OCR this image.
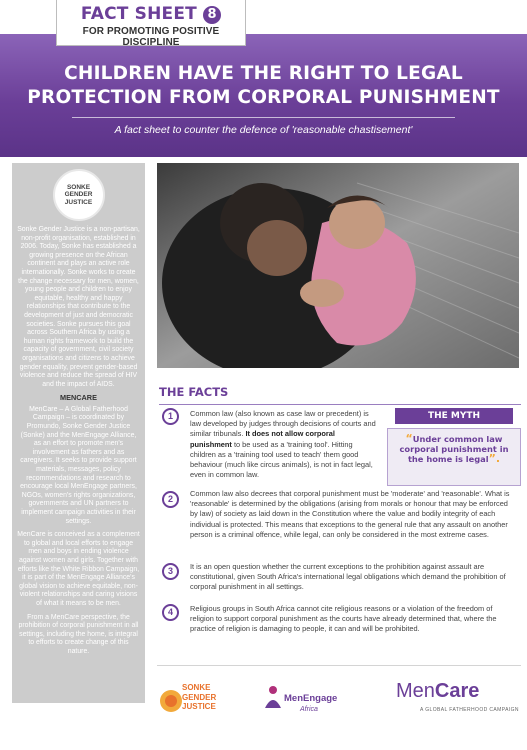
CHILDREN HAVE THE RIGHT TO LEGAL
PROTECTION FROM CORPORAL PUNISHMENT
A fact sheet to counter the defence of 'reasonable chastisement'
FACT SHEET 8
FOR PROMOTING POSITIVE DISCIPLINE
SONKE
GENDER
JUSTICE

Sonke Gender Justice is a non-partisan, non-profit organisation, established in 2006. Today, Sonke has established a growing presence on the African continent and plays an active role internationally. Sonke works to create the change necessary for men, women, young people and children to enjoy equitable, healthy and happy relationships that contribute to the development of just and democratic societies. Sonke pursues this goal across Southern Africa by using a human rights framework to build the capacity of government, civil society organisations and citizens to achieve gender equality, prevent gender-based violence and reduce the spread of HIV and the impact of AIDS.

MENCARE

MenCare – A Global Fatherhood Campaign – is coordinated by Promundo, Sonke Gender Justice (Sonke) and the MenEngage Alliance, as an effort to promote men's involvement as fathers and as caregivers. It seeks to provide support materials, messages, policy recommendations and research to encourage local MenEngage partners, NGOs, women's rights organizations, governments and UN partners to implement campaign activities in their settings.

MenCare is conceived as a complement to global and local efforts to engage men and boys in ending violence against women and girls. Together with efforts like the White Ribbon Campaign, it is part of the MenEngage Alliance's global vision to achieve equitable, non-violent relationships and caring visions of what it means to be men.

From a MenCare perspective, the prohibition of corporal punishment in all settings, including the home, is integral to efforts to create change of this nature.

THE FACTS
1	Common law (also known as case law or precedent) is law developed by judges through decisions of courts and similar tribunals. It does not allow corporal punishment to be used as a 'training tool'. Hitting children as a 'training tool used to teach' them good behaviour (much like circus animals), is not in fact legal, even in common law.
2
Common law also decrees that corporal punishment must be 'moderate' and 'reasonable'. What is 'reasonable' is determined by the obligations (arising from morals or honour that may be enforced by law) of society as laid down in the Constitution where the value and bodily integrity of each individual is protected. This means that exceptions to the general rule that any assault on another person is a criminal offence, while legal, can only be considered in the most extreme cases.
3	It is an open question whether the current exceptions to the prohibition against assault are constitutional, given South Africa's international legal obligations which demand the prohibition of corporal punishment in all settings.
4	Religious groups in South Africa cannot cite religious reasons or a violation of the freedom of religion to support corporal punishment as the courts have already determined that, where the practice of religion is damaging to people, it can and will be prohibited.
THE MYTH
“Under common law corporal punishment in the home is legal”.
SONKE
GENDER
JUSTICE
MenEngage
Africa
MenCare
A GLOBAL FATHERHOOD CAMPAIGN
